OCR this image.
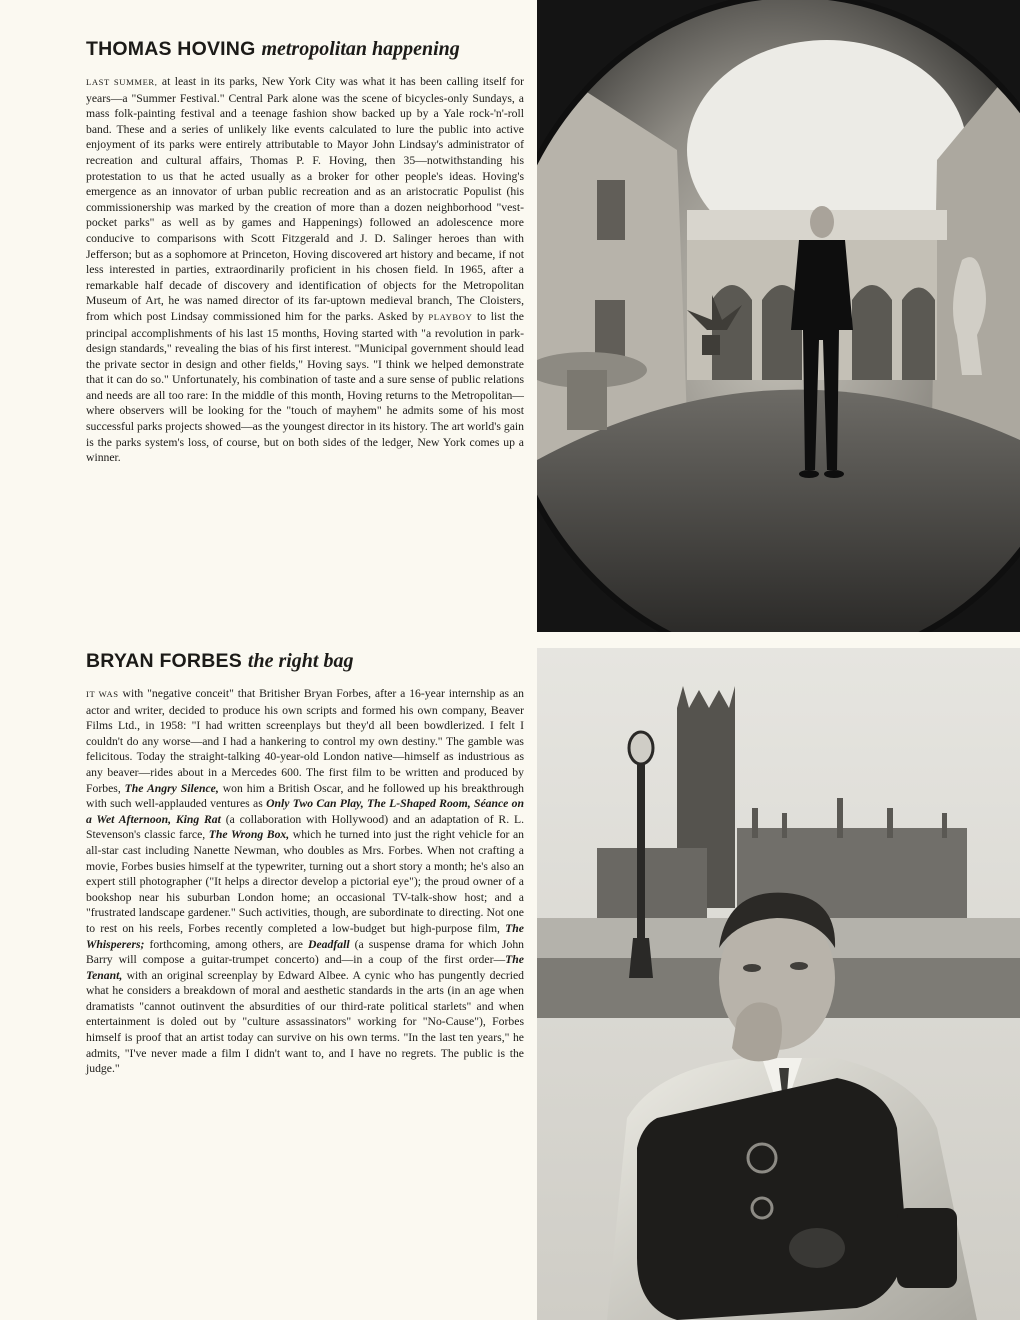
THOMAS HOVING metropolitan happening

LAST SUMMER, at least in its parks, New York City was what it has been calling itself for years—a "Summer Festival." Central Park alone was the scene of bicycles-only Sundays, a mass folk-painting festival and a teenage fashion show backed up by a Yale rock-'n'-roll band. These and a series of unlikely like events calculated to lure the public into active enjoyment of its parks were entirely attributable to Mayor John Lindsay's administrator of recreation and cultural affairs, Thomas P. F. Hoving, then 35—notwithstanding his protestation to us that he acted usually as a broker for other people's ideas. Hoving's emergence as an innovator of urban public recreation and as an aristocratic Populist (his commissionership was marked by the creation of more than a dozen neighborhood "vest-pocket parks" as well as by games and Happenings) followed an adolescence more conducive to comparisons with Scott Fitzgerald and J. D. Salinger heroes than with Jefferson; but as a sophomore at Princeton, Hoving discovered art history and became, if not less interested in parties, extraordinarily proficient in his chosen field. In 1965, after a remarkable half decade of discovery and identification of objects for the Metropolitan Museum of Art, he was named director of its far-uptown medieval branch, The Cloisters, from which post Lindsay commissioned him for the parks. Asked by PLAYBOY to list the principal accomplishments of his last 15 months, Hoving started with "a revolution in park-design standards," revealing the bias of his first interest. "Municipal government should lead the private sector in design and other fields," Hoving says. "I think we helped demonstrate that it can do so." Unfortunately, his combination of taste and a sure sense of public relations and needs are all too rare: In the middle of this month, Hoving returns to the Metropolitan—where observers will be looking for the "touch of mayhem" he admits some of his most successful parks projects showed—as the youngest director in its history. The art world's gain is the parks system's loss, of course, but on both sides of the ledger, New York comes up a winner.

BRYAN FORBES the right bag

IT WAS with "negative conceit" that Britisher Bryan Forbes, after a 16-year internship as an actor and writer, decided to produce his own scripts and formed his own company, Beaver Films Ltd., in 1958: "I had written screenplays but they'd all been bowdlerized. I felt I couldn't do any worse—and I had a hankering to control my own destiny." The gamble was felicitous. Today the straight-talking 40-year-old London native—himself as industrious as any beaver—rides about in a Mercedes 600. The first film to be written and produced by Forbes, The Angry Silence, won him a British Oscar, and he followed up his breakthrough with such well-applauded ventures as Only Two Can Play, The L-Shaped Room, Séance on a Wet Afternoon, King Rat (a collaboration with Hollywood) and an adaptation of R. L. Stevenson's classic farce, The Wrong Box, which he turned into just the right vehicle for an all-star cast including Nanette Newman, who doubles as Mrs. Forbes. When not crafting a movie, Forbes busies himself at the typewriter, turning out a short story a month; he's also an expert still photographer ("It helps a director develop a pictorial eye"); the proud owner of a bookshop near his suburban London home; an occasional TV-talk-show host; and a "frustrated landscape gardener." Such activities, though, are subordinate to directing. Not one to rest on his reels, Forbes recently completed a low-budget but high-purpose film, The Whisperers; forthcoming, among others, are Deadfall (a suspense drama for which John Barry will compose a guitar-trumpet concerto) and—in a coup of the first order—The Tenant, with an original screenplay by Edward Albee. A cynic who has pungently decried what he considers a breakdown of moral and aesthetic standards in the arts (in an age when dramatists "cannot outinvent the absurdities of our third-rate political starlets" and when entertainment is doled out by "culture assassinators" working for "No-Cause"), Forbes himself is proof that an artist today can survive on his own terms. "In the last ten years," he admits, "I've never made a film I didn't want to, and I have no regrets. The public is the judge."
